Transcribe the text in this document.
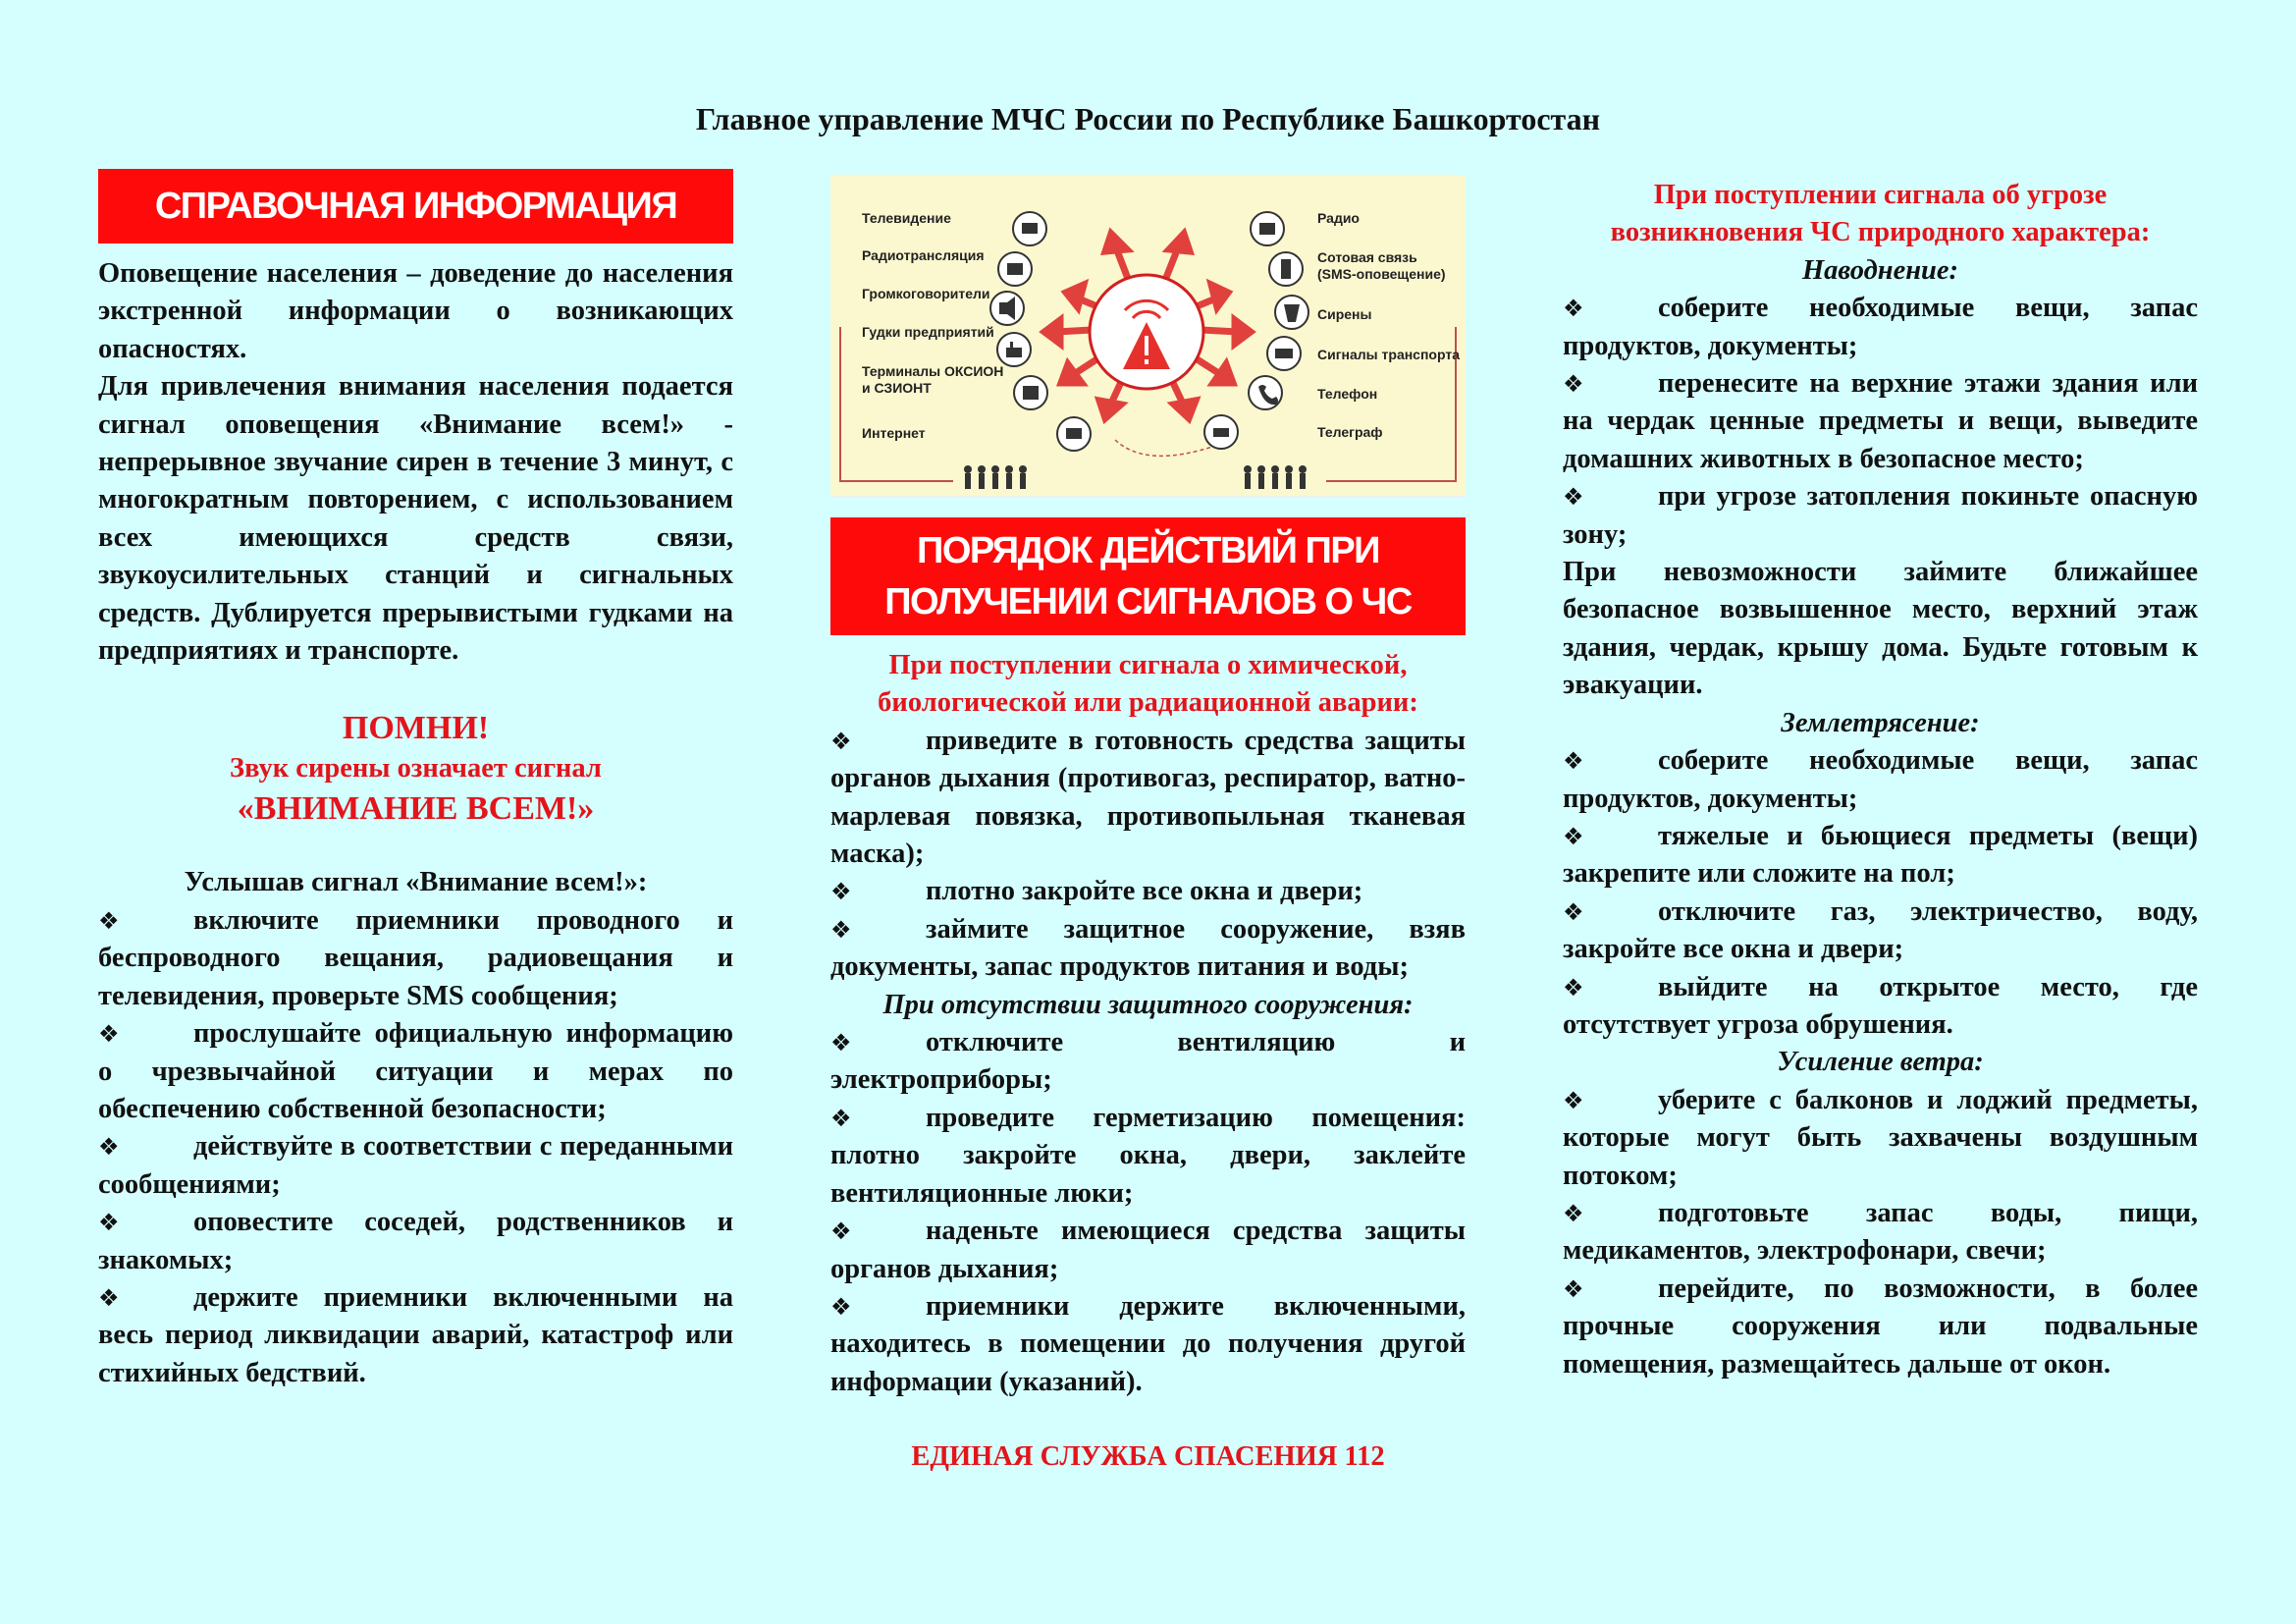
Главное управление МЧС России по Республике Башкортостан
СПРАВОЧНАЯ ИНФОРМАЦИЯ

Оповещение населения – доведение до населения экстренной информации о возникающих опасностях.

Для привлечения внимания населения подается сигнал оповещения «Внимание всем!» - непрерывное звучание сирен в течение 3 минут, с многократным повторением, с использованием всех имеющихся средств связи, звукоусилительных станций и сигнальных средств. Дублируется прерывистыми гудками на предприятиях и транспорте.

ПОМНИ!
Звук сирены означает сигнал
«ВНИМАНИЕ ВСЕМ!»
Услышав сигнал «Внимание всем!»:
❖	включите приемники проводного и беспроводного вещания, радиовещания и телевидения, проверьте SMS сообщения;
❖	прослушайте официальную информацию о чрезвычайной ситуации и мерах по обеспечению собственной безопасности;
❖	действуйте в соответствии с переданными сообщениями;
❖	оповестите соседей, родственников и знакомых;
❖	держите приемники включенными на весь период ликвидации аварий, катастроф или стихийных бедствий.
Телевидение
Радиотрансляция
Громкоговорители
Гудки предприятий
Терминалы ОКСИОН
и СЗИОНТ
Интернет
Радио
Сотовая связь
(SMS-оповещение)
Сирены
Сигналы транспорта
Телефон
Телеграф
ПОРЯДОК ДЕЙСТВИЙ ПРИ
ПОЛУЧЕНИИ СИГНАЛОВ О ЧС
При поступлении сигнала о химической, биологической или радиационной аварии:
❖	приведите в готовность средства защиты органов дыхания (противогаз, респиратор, ватно-марлевая повязка, противопыльная тканевая маска);
❖	плотно закройте все окна и двери;
❖	займите защитное сооружение, взяв документы, запас продуктов питания и воды;
При отсутствии защитного сооружения:
❖	отключите вентиляцию и электроприборы;
❖	проведите герметизацию помещения: плотно закройте окна, двери, заклейте вентиляционные люки;
❖	наденьте имеющиеся средства защиты органов дыхания;
❖	приемники держите включенными, находитесь в помещении до получения другой информации (указаний).
ЕДИНАЯ СЛУЖБА СПАСЕНИЯ 112
При поступлении сигнала об угрозе возникновения ЧС природного характера:
Наводнение:
❖	соберите необходимые вещи, запас продуктов, документы;
❖	перенесите на верхние этажи здания или на чердак ценные предметы и вещи, выведите домашних животных в безопасное место;
❖	при угрозе затопления покиньте опасную зону;

При невозможности займите ближайшее безопасное возвышенное место, верхний этаж здания, чердак, крышу дома. Будьте готовым к эвакуации.

Землетрясение:
❖	соберите необходимые вещи, запас продуктов, документы;
❖	тяжелые и бьющиеся предметы (вещи) закрепите или сложите на пол;
❖	отключите газ, электричество, воду, закройте все окна и двери;
❖	выйдите на открытое место, где отсутствует угроза обрушения.
Усиление ветра:
❖	уберите с балконов и лоджий предметы, которые могут быть захвачены воздушным потоком;
❖	подготовьте запас воды, пищи, медикаментов, электрофонари, свечи;
❖	перейдите, по возможности, в более прочные сооружения или подвальные помещения, размещайтесь дальше от окон.
